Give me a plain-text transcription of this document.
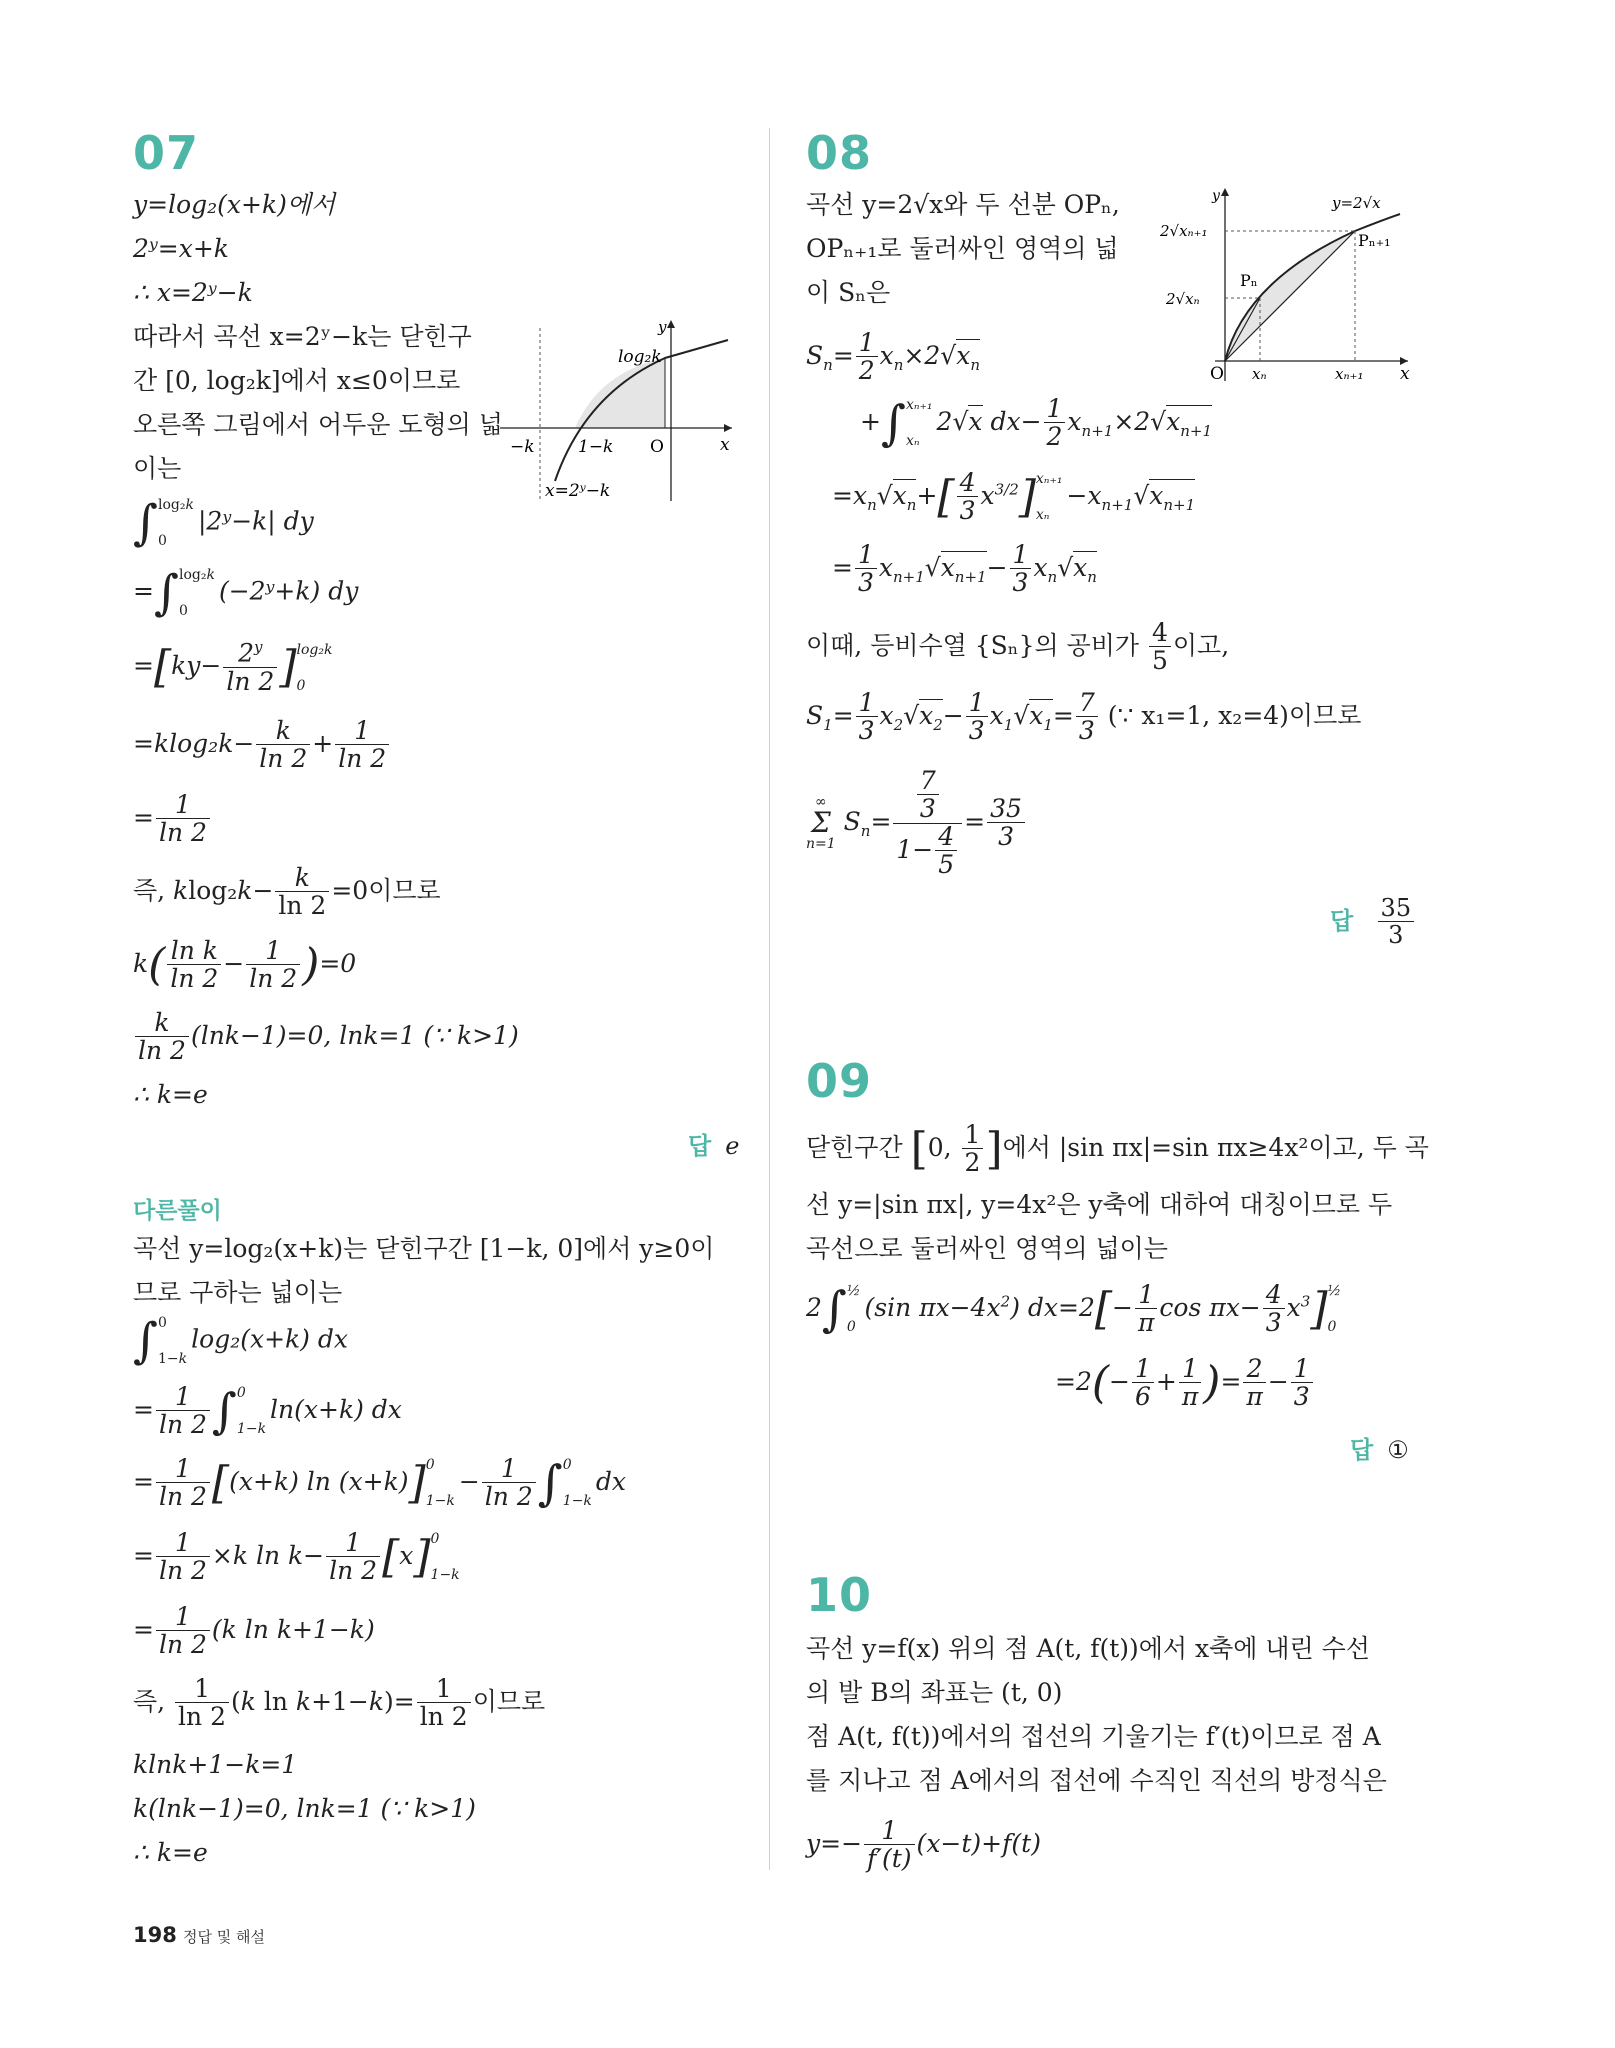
07
y=log₂(x+k)에서
2ʸ=x+k
∴ x=2ʸ−k
따라서 곡선 x=2ʸ−k는 닫힌구
간 [0, log₂k]에서 x≤0이므로
오른쪽 그림에서 어두운 도형의 넓
이는
−k	1−k O	x
y
log₂k
x=2ʸ−k
∫ log₂k
0
|2ʸ−k| dy
=∫ log₂k
0
(−2ʸ+k) dy
$=[ky- \frac{2^y}{\ln 2}$ ] log₂k
0
$=klog_2k- \frac{k}{\ln 2} + \frac{1}{\ln 2}$
= $\frac{1}{\ln 2}$
즉, $klog_2k- \frac{k}{\ln 2} =0$이므로
$k( \frac{\text{ln k}}{\ln 2} - \frac{1}{\ln 2} )=0$
$\frac{k}{\ln 2} (\ln k-1)=0$, lnk=1 (∵ k>1)
∴ k=e
답 e
다른풀이
곡선 y=log₂(x+k)는 닫힌구간 [1−k, 0]에서 y≥0이
므로 구하는 넓이는
∫ 0
1−k
log₂(x+k) dx
= $\frac{1}{\ln 2}$ ∫ 0
1−k
ln(x+k) dx
= $\frac{1}{\ln 2} [(x+k)$ ln (x+k)] 0
1−k
− $\frac{1}{\ln 2}$ ∫ 0
1−k
dx
= $\frac{1}{\ln 2} \times k$ $\ln k- \frac{1}{\ln 2} [x]$ 0
1−k
= $\frac{1}{\ln 2} (k$ ln k+1−k)
즉, $\frac{1}{\ln 2} (k$ $\ln k+1-k)= \frac{1}{\ln 2}$ 이므로
klnk+1−k=1
k(lnk−1)=0, lnk=1 (∵ k>1)
∴ k=e
08
곡선 y=2√x와 두 선분 OPₙ,
OPₙ₊₁로 둘러싸인 영역의 넓
이 Sₙ은
O xₙ	xₙ₊₁ x
y
2√xₙ
2√xₙ₊₁
Pₙ
Pₙ₊₁
y=2√x
$S_n= \frac{1}{2} x_n\times 2√x_n$
+∫ xₙ₊₁
xₙ
2√x $dx- \frac{1}{2} x_{n+1}\times 2√x_{n+1}$
$=x_n√x_n+[ \frac{4}{3} x^{3/2}]$ xₙ₊₁
xₙ
$-x_{n+1}√x_{n+1}$
= $\frac{1}{3} x_{n+1}√x_{n+1}- \frac{1}{3} x_n√x_n$
이때, 등비수열 {Sₙ}의 공비가 $\frac{4}{5}$ 이고,
$S_1= \frac{1}{3} x_2√x_2- \frac{1}{3} x_1√x_1= \frac{7}{3}$ (∵ x₁=1, x₂=4)이므로
∞
Σ
n=1
$S_n= \frac{\frac{7}{3}}{1- \frac{4}{5}} = \frac{35}{3}$
답 $\frac{35}{3}$
09
닫힌구간 [0, $\frac{1}{2}$ ]에서 |sin πx|=sin πx≥4x²이고, 두 곡
선 y=|sin πx|, y=4x²은 y축에 대하여 대칭이므로 두
곡선으로 둘러싸인 영역의 넓이는
2∫ ½
0
(sin $\pi x-4x^2$) $dx=2[- \frac{1}{\pi}$ $\cos \pi x- \frac{4}{3} x^3$] ½
0
$=2(- \frac{1}{6} + \frac{1}{\pi}$ )= $\frac{2}{\pi} - \frac{1}{3}$
답 ①
10
곡선 y=f(x) 위의 점 A(t, f(t))에서 x축에 내린 수선
의 발 B의 좌표는 (t, 0)
점 A(t, f(t))에서의 접선의 기울기는 f′(t)이므로 점 A
를 지나고 점 A에서의 접선에 수직인 직선의 방정식은
$y=- \frac{1}{f'(t)} (x-t)+f(t)$
198 정답 및 해설
